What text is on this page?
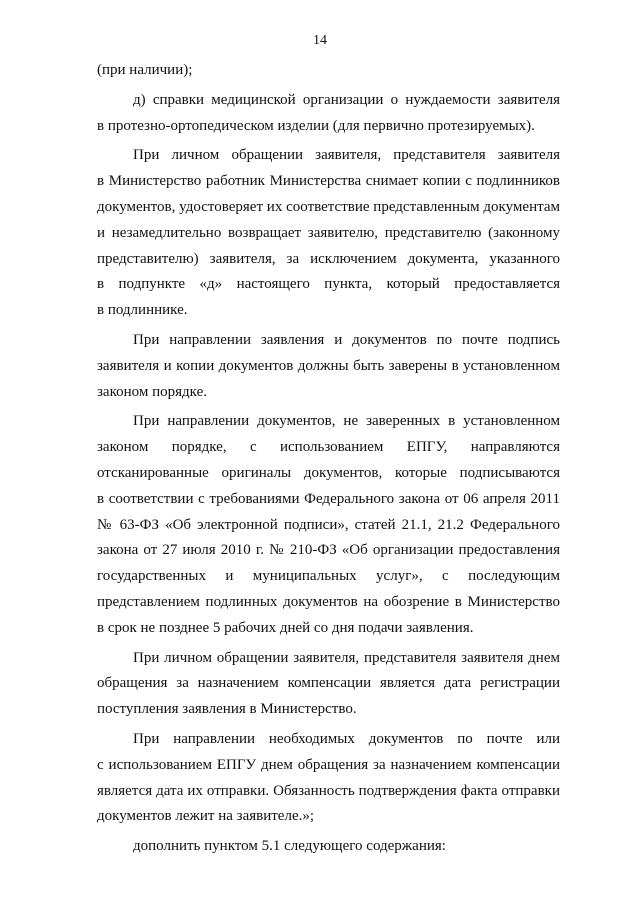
14
(при наличии);
д) справки медицинской организации о нуждаемости заявителя
в протезно-ортопедическом изделии (для первично протезируемых).
При личном обращении заявителя, представителя заявителя
в Министерство работник Министерства снимает копии с подлинников
документов, удостоверяет их соответствие представленным документам
и незамедлительно возвращает заявителю, представителю (законному
представителю) заявителя, за исключением документа, указанного
в подпункте «д» настоящего пункта, который предоставляется
в подлиннике.
При направлении заявления и документов по почте подпись
заявителя и копии документов должны быть заверены в установленном
законом порядке.
При направлении документов, не заверенных в установленном
законом порядке, с использованием ЕПГУ, направляются
отсканированные оригиналы документов, которые подписываются
в соответствии с требованиями Федерального закона от 06 апреля 2011
№ 63-ФЗ «Об электронной подписи», статей 21.1, 21.2 Федерального
закона от 27 июля 2010 г. № 210-ФЗ «Об организации предоставления
государственных и муниципальных услуг», с последующим
представлением подлинных документов на обозрение в Министерство
в срок не позднее 5 рабочих дней со дня подачи заявления.
При личном обращении заявителя, представителя заявителя днем
обращения за назначением компенсации является дата регистрации
поступления заявления в Министерство.
При направлении необходимых документов по почте или
с использованием ЕПГУ днем обращения за назначением компенсации
является дата их отправки. Обязанность подтверждения факта отправки
документов лежит на заявителе.»;
дополнить пунктом 5.1 следующего содержания:
